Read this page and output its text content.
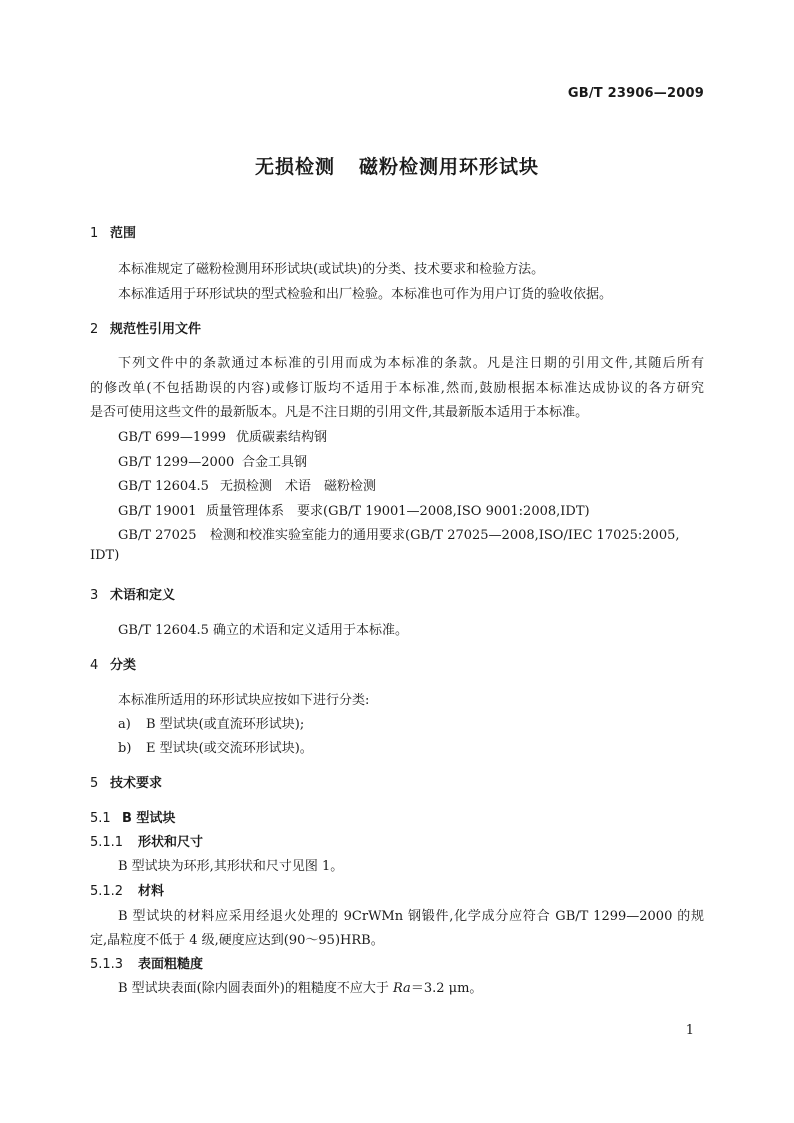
GB/T 23906—2009
无损检测 磁粉检测用环形试块
1 范围
本标准规定了磁粉检测用环形试块(或试块)的分类、技术要求和检验方法。
本标准适用于环形试块的型式检验和出厂检验。本标准也可作为用户订货的验收依据。
2 规范性引用文件
下列文件中的条款通过本标准的引用而成为本标准的条款。凡是注日期的引用文件,其随后所有
的修改单(不包括勘误的内容)或修订版均不适用于本标准,然而,鼓励根据本标准达成协议的各方研究
是否可使用这些文件的最新版本。凡是不注日期的引用文件,其最新版本适用于本标准。
GB/T 699—1999 优质碳素结构钢
GB/T 1299—2000 合金工具钢
GB/T 12604.5 无损检测　术语　磁粉检测
GB/T 19001 质量管理体系　要求(GB/T 19001—2008,ISO 9001:2008,IDT)
GB/T 27025 检测和校准实验室能力的通用要求(GB/T 27025—2008,ISO/IEC 17025:2005,
IDT)
3 术语和定义
GB/T 12604.5 确立的术语和定义适用于本标准。
4 分类
本标准所适用的环形试块应按如下进行分类:
a) B 型试块(或直流环形试块);
b) E 型试块(或交流环形试块)。
5 技术要求
5.1 B 型试块
5.1.1 形状和尺寸
B 型试块为环形,其形状和尺寸见图 1。
5.1.2 材料
B 型试块的材料应采用经退火处理的 9CrWMn 钢锻件,化学成分应符合 GB/T 1299—2000 的规
定,晶粒度不低于 4 级,硬度应达到(90～95)HRB。
5.1.3 表面粗糙度
B 型试块表面(除内圆表面外)的粗糙度不应大于 Ra＝3.2 μm。
1
